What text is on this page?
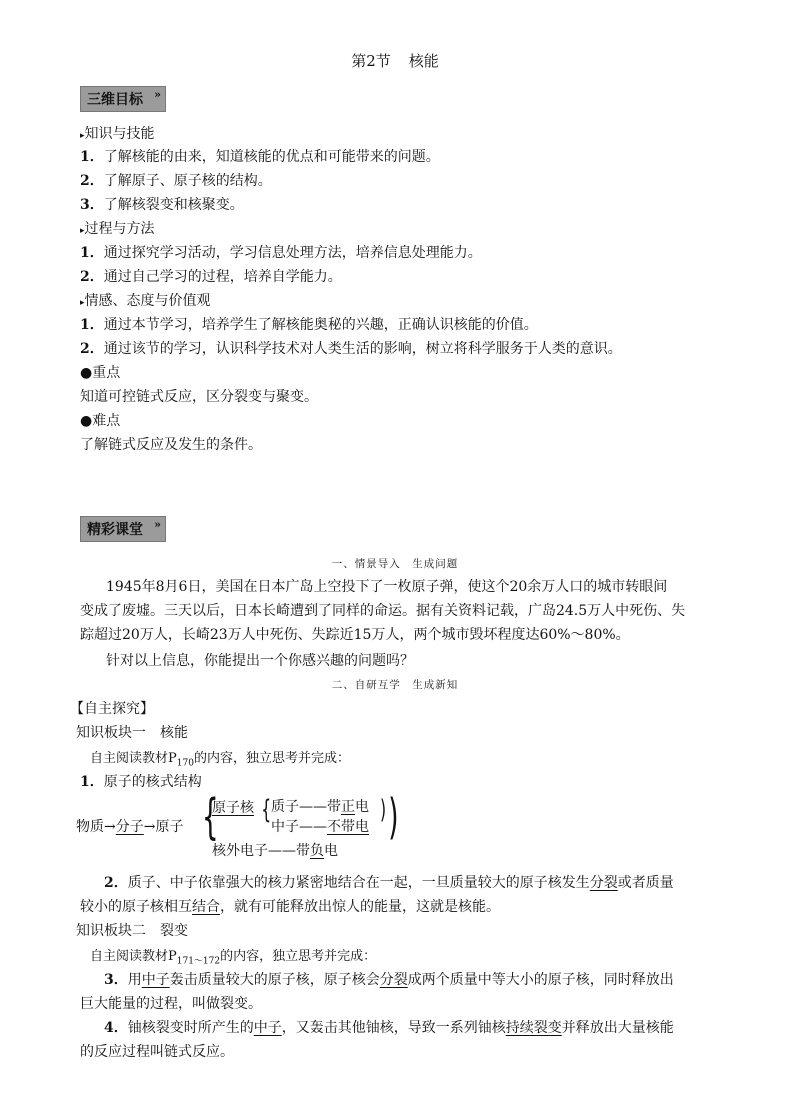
第2节 核能
三维目标 »
▸知识与技能
1．了解核能的由来，知道核能的优点和可能带来的问题。
2．了解原子、原子核的结构。
3．了解核裂变和核聚变。
▸过程与方法
1．通过探究学习活动，学习信息处理方法，培养信息处理能力。
2．通过自己学习的过程，培养自学能力。
▸情感、态度与价值观
1．通过本节学习，培养学生了解核能奥秘的兴趣，正确认识核能的价值。
2．通过该节的学习，认识科学技术对人类生活的影响，树立将科学服务于人类的意识。
●重点
知道可控链式反应，区分裂变与聚变。
●难点
了解链式反应及发生的条件。
精彩课堂 »
一、情景导入　生成问题
1945年8月6日，美国在日本广岛上空投下了一枚原子弹，使这个20余万人口的城市转眼间
变成了废墟。三天以后，日本长崎遭到了同样的命运。据有关资料记载，广岛24.5万人中死伤、失
踪超过20万人，长崎23万人中死伤、失踪近15万人，两个城市毁坏程度达60%～80%。
针对以上信息，你能提出一个你感兴趣的问题吗？
二、自研互学　生成新知
【自主探究】
知识板块一　核能
自主阅读教材$P_{170}$的内容，独立思考并完成：
1．原子的核式结构
物质→分子→原子 {
原子核 { 质子——带正电
中子——不带电
)
核外电子——带负电
)
2．质子、中子依靠强大的核力紧密地结合在一起，一旦质量较大的原子核发生分裂或者质量
较小的原子核相互结合，就有可能释放出惊人的能量，这就是核能。
知识板块二　裂变
自主阅读教材$P_{171\sim 172}$的内容，独立思考并完成：
3．用中子轰击质量较大的原子核，原子核会分裂成两个质量中等大小的原子核，同时释放出
巨大能量的过程，叫做裂变。
4．铀核裂变时所产生的中子，又轰击其他铀核，导致一系列铀核持续裂变并释放出大量核能
的反应过程叫链式反应。
